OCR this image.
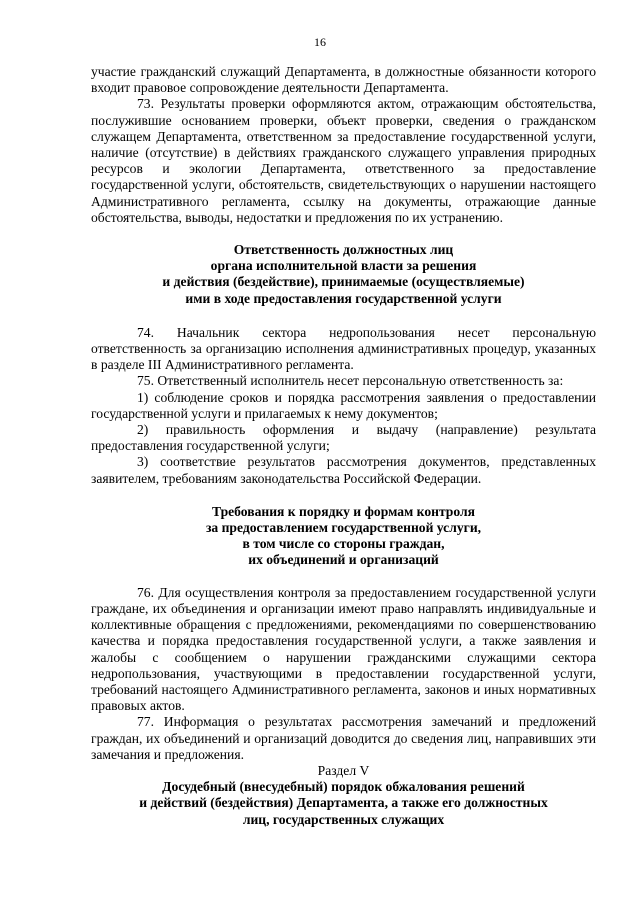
16

участие гражданский служащий Департамента, в должностные обязанности которого входит правовое сопровождение деятельности Департамента.

73. Результаты проверки оформляются актом, отражающим обстоятельства, послужившие основанием проверки, объект проверки, сведения о гражданском служащем Департамента, ответственном за предоставление государственной услуги, наличие (отсутствие) в действиях гражданского служащего управления природных ресурсов и экологии Департамента, ответственного за предоставление государственной услуги, обстоятельств, свидетельствующих о нарушении настоящего Административного регламента, ссылку на документы, отражающие данные обстоятельства, выводы, недостатки и предложения по их устранению.

Ответственность должностных лиц
органа исполнительной власти за решения
и действия (бездействие), принимаемые (осуществляемые)
ими в ходе предоставления государственной услуги

74. Начальник сектора недропользования несет персональную ответственность за организацию исполнения административных процедур, указанных в разделе III Административного регламента.

75. Ответственный исполнитель несет персональную ответственность за:

1) соблюдение сроков и порядка рассмотрения заявления о предоставлении государственной услуги и прилагаемых к нему документов;

2) правильность оформления и выдачу (направление) результата предоставления государственной услуги;

3) соответствие результатов рассмотрения документов, представленных заявителем, требованиям законодательства Российской Федерации.

Требования к порядку и формам контроля
за предоставлением государственной услуги,
в том числе со стороны граждан,
их объединений и организаций

76. Для осуществления контроля за предоставлением государственной услуги граждане, их объединения и организации имеют право направлять индивидуальные и коллективные обращения с предложениями, рекомендациями по совершенствованию качества и порядка предоставления государственной услуги, а также заявления и жалобы с сообщением о нарушении гражданскими служащими сектора недропользования, участвующими в предоставлении государственной услуги, требований настоящего Административного регламента, законов и иных нормативных правовых актов.

77. Информация о результатах рассмотрения замечаний и предложений граждан, их объединений и организаций доводится до сведения лиц, направивших эти замечания и предложения.

Раздел V

Досудебный (внесудебный) порядок обжалования решений
и действий (бездействия) Департамента, а также его должностных
лиц, государственных служащих
